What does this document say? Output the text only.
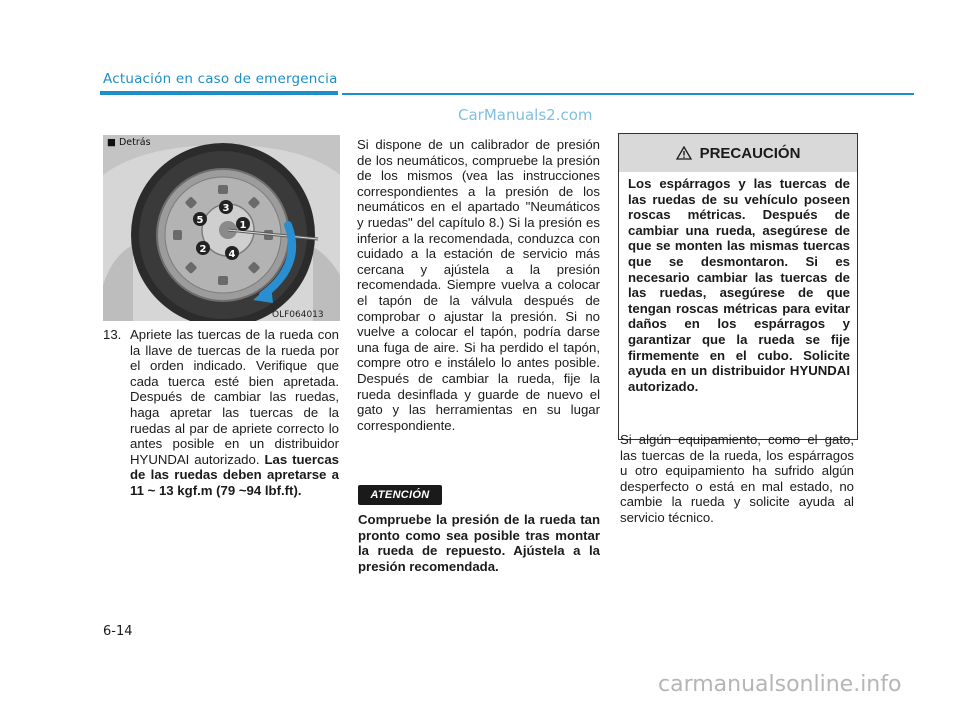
Actuación en caso de emergencia
1
2
3
4
5
■ Detrás
OLF064013
13. Apriete las tuercas de la rueda con la llave de tuercas de la rueda por el orden indicado. Verifique que cada tuerca esté bien apretada. Después de cambiar las ruedas, haga apretar las tuercas de la ruedas al par de apriete correcto lo antes posible en un distribuidor HYUNDAI autorizado. Las tuercas de las ruedas deben apretarse a 11 ~ 13 kgf.m (79 ~94 lbf.ft).
Si dispone de un calibrador de presión de los neumáticos, compruebe la presión de los mismos (vea las instrucciones correspondientes a la presión de los neumáticos en el apartado "Neumáticos y ruedas" del capítulo 8.) Si la presión es inferior a la recomendada, conduzca con cuidado a la estación de servicio más cercana y ajústela a la presión recomendada. Siempre vuelva a colocar el tapón de la válvula después de comprobar o ajustar la presión. Si no vuelve a colocar el tapón, podría darse una fuga de aire. Si ha perdido el tapón, compre otro e instálelo lo antes posible. Después de cambiar la rueda, fije la rueda desinflada y guarde de nuevo el gato y las herramientas en su lugar correspondiente.
ATENCIÓN
Compruebe la presión de la rueda tan pronto como sea posible tras montar la rueda de repuesto. Ajústela a la presión recomendada.
PRECAUCIÓN
Los espárragos y las tuercas de las ruedas de su vehículo poseen roscas métricas. Después de cambiar una rueda, asegúrese de que se monten las mismas tuercas que se desmontaron. Si es necesario cambiar las tuercas de las ruedas, asegúrese de que tengan roscas métricas para evitar daños en los espárragos y garantizar que la rueda se fije firmemente en el cubo. Solicite ayuda en un distribuidor HYUNDAI autorizado.
Si algún equipamiento, como el gato, las tuercas de la rueda, los espárragos u otro equipamiento ha sufrido algún desperfecto o está en mal estado, no cambie la rueda y solicite ayuda al servicio técnico.
6-14
CarManuals2.com
carmanualsonline.info
